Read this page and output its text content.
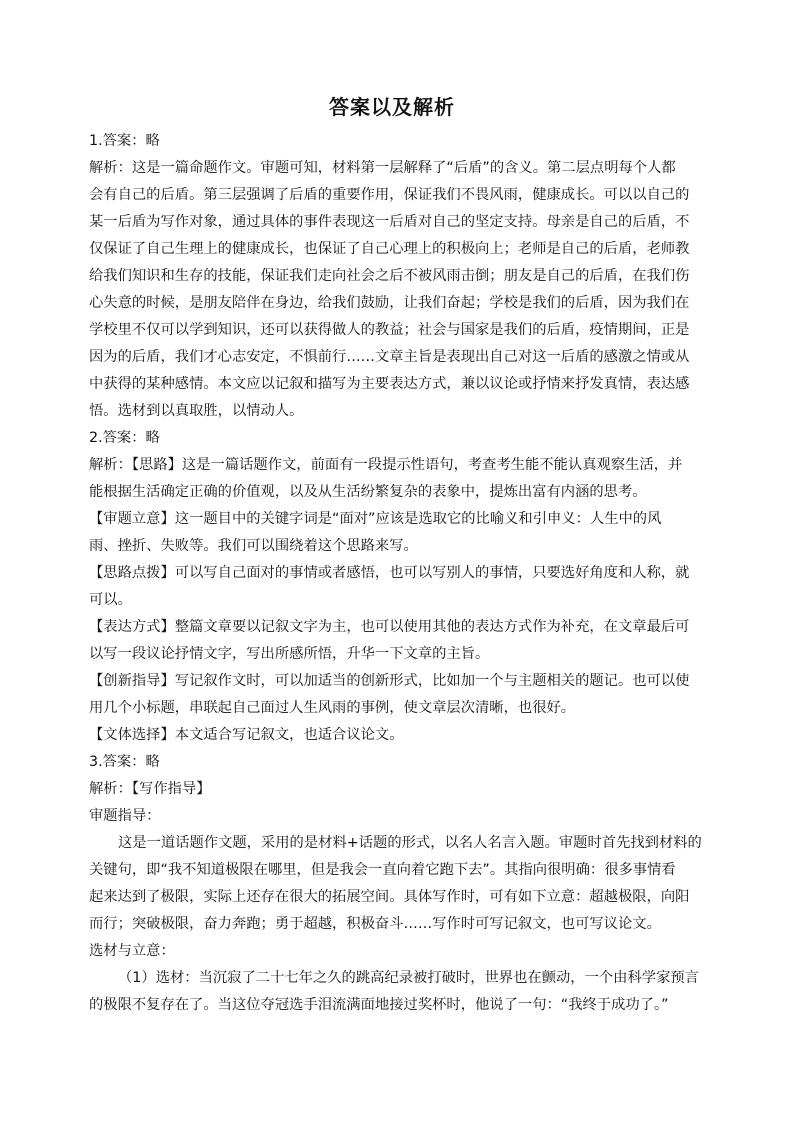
答案以及解析

1.答案：略

解析：这是一篇命题作文。审题可知，材料第一层解释了“后盾”的含义。第二层点明每个人都

会有自己的后盾。第三层强调了后盾的重要作用，保证我们不畏风雨，健康成长。可以以自己的

某一后盾为写作对象，通过具体的事件表现这一后盾对自己的坚定支持。母亲是自己的后盾，不

仅保证了自己生理上的健康成长，也保证了自己心理上的积极向上；老师是自己的后盾，老师教

给我们知识和生存的技能，保证我们走向社会之后不被风雨击倒；朋友是自己的后盾，在我们伤

心失意的时候，是朋友陪伴在身边，给我们鼓励，让我们奋起；学校是我们的后盾，因为我们在

学校里不仅可以学到知识，还可以获得做人的教益；社会与国家是我们的后盾，疫情期间，正是

因为的后盾，我们才心志安定，不惧前行……文章主旨是表现出自己对这一后盾的感激之情或从

中获得的某种感情。本文应以记叙和描写为主要表达方式，兼以议论或抒情来抒发真情，表达感

悟。选材到以真取胜，以情动人。

2.答案：略

解析：【思路】这是一篇话题作文，前面有一段提示性语句，考查考生能不能认真观察生活，并

能根据生活确定正确的价值观，以及从生活纷繁复杂的表象中，提炼出富有内涵的思考。

【审题立意】这一题目中的关键字词是“面对”应该是选取它的比喻义和引申义：人生中的风

雨、挫折、失败等。我们可以围绕着这个思路来写。

【思路点拨】可以写自己面对的事情或者感悟，也可以写别人的事情，只要选好角度和人称，就

可以。

【表达方式】整篇文章要以记叙文字为主，也可以使用其他的表达方式作为补充，在文章最后可

以写一段议论抒情文字，写出所感所悟，升华一下文章的主旨。

【创新指导】写记叙作文时，可以加适当的创新形式，比如加一个与主题相关的题记。也可以使

用几个小标题，串联起自己面过人生风雨的事例，使文章层次清晰，也很好。

【文体选择】本文适合写记叙文，也适合议论文。

3.答案：略

解析：【写作指导】

审题指导：

这是一道话题作文题，采用的是材料+话题的形式，以名人名言入题。审题时首先找到材料的

关键句，即“我不知道极限在哪里，但是我会一直向着它跑下去”。其指向很明确：很多事情看

起来达到了极限，实际上还存在很大的拓展空间。具体写作时，可有如下立意：超越极限，向阳

而行；突破极限，奋力奔跑；勇于超越，积极奋斗……写作时可写记叙文，也可写议论文。

选材与立意：

（1）选材：当沉寂了二十七年之久的跳高纪录被打破时，世界也在颤动，一个由科学家预言

的极限不复存在了。当这位夺冠选手泪流满面地接过奖杯时，他说了一句：“我终于成功了。”
